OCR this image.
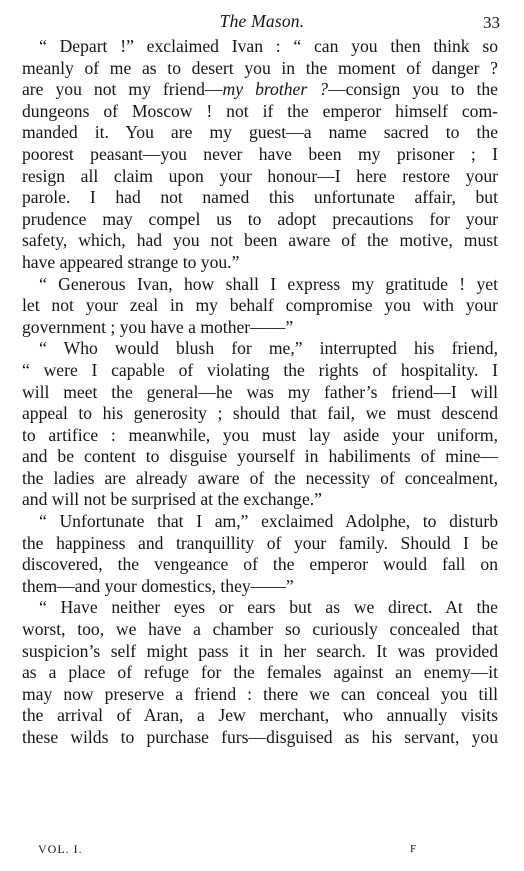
The Mason.	33
“ Depart !” exclaimed Ivan : “ can you then think so
meanly of me as to desert you in the moment of danger ?
are you not my friend—my brother ?—consign you to the
dungeons of Moscow ! not if the emperor himself com-
manded it. You are my guest—a name sacred to the
poorest peasant—you never have been my prisoner ; I
resign all claim upon your honour—I here restore your
parole. I had not named this unfortunate affair, but
prudence may compel us to adopt precautions for your
safety, which, had you not been aware of the motive, must
have appeared strange to you.”
“ Generous Ivan, how shall I express my gratitude ! yet
let not your zeal in my behalf compromise you with your
government ; you have a mother——”
“ Who would blush for me,” interrupted his friend,
“ were I capable of violating the rights of hospitality. I
will meet the general—he was my father’s friend—I will
appeal to his generosity ; should that fail, we must descend
to artifice : meanwhile, you must lay aside your uniform,
and be content to disguise yourself in habiliments of mine—
the ladies are already aware of the necessity of concealment,
and will not be surprised at the exchange.”
“ Unfortunate that I am,” exclaimed Adolphe, to disturb
the happiness and tranquillity of your family. Should I be
discovered, the vengeance of the emperor would fall on
them—and your domestics, they——”
“ Have neither eyes or ears but as we direct. At the
worst, too, we have a chamber so curiously concealed that
suspicion’s self might pass it in her search. It was provided
as a place of refuge for the females against an enemy—it
may now preserve a friend : there we can conceal you till
the arrival of Aran, a Jew merchant, who annually visits
these wilds to purchase furs—disguised as his servant, you
VOL. I.	F
